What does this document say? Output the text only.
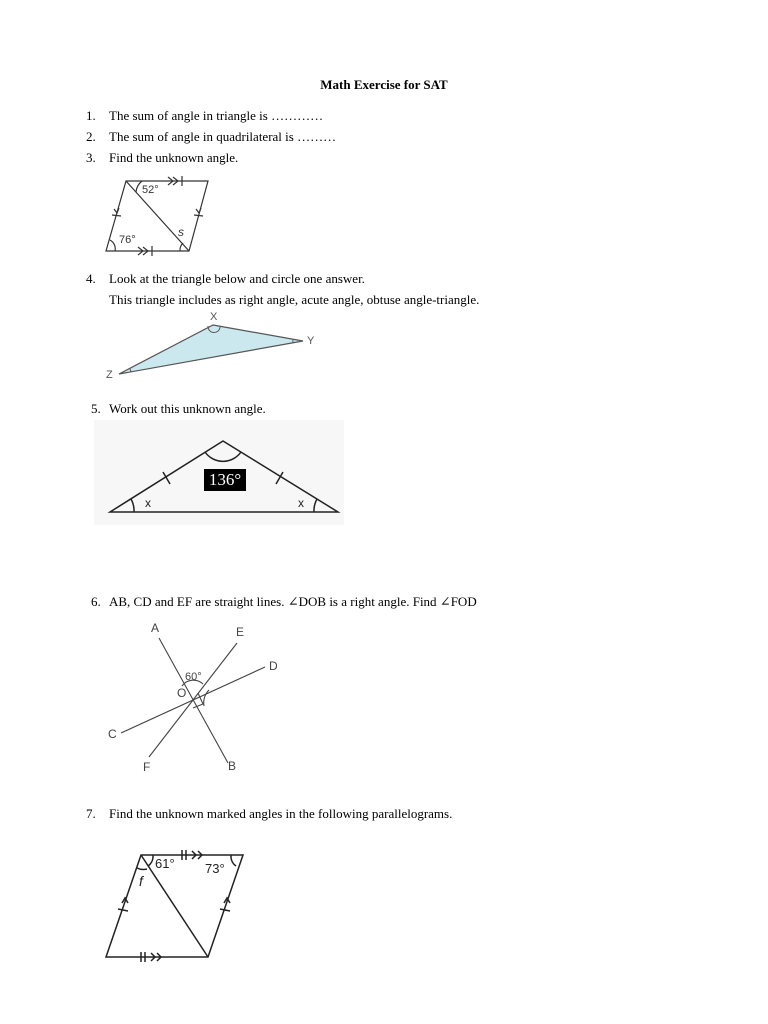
Math Exercise for SAT
1. The sum of angle in triangle is …………
2. The sum of angle in quadrilateral is ………
3. Find the unknown angle.
52°
76°
s
4. Look at the triangle below and circle one answer.
This triangle includes as right angle, acute angle, obtuse angle-triangle.
X
Y
Z
5. Work out this unknown angle.
x	x
136°
6. AB, CD and EF are straight lines. ∠DOB is a right angle. Find ∠FOD
A
B
C
D
E
F
O
60°
7. Find the unknown marked angles in the following parallelograms.
61° 73°
f
